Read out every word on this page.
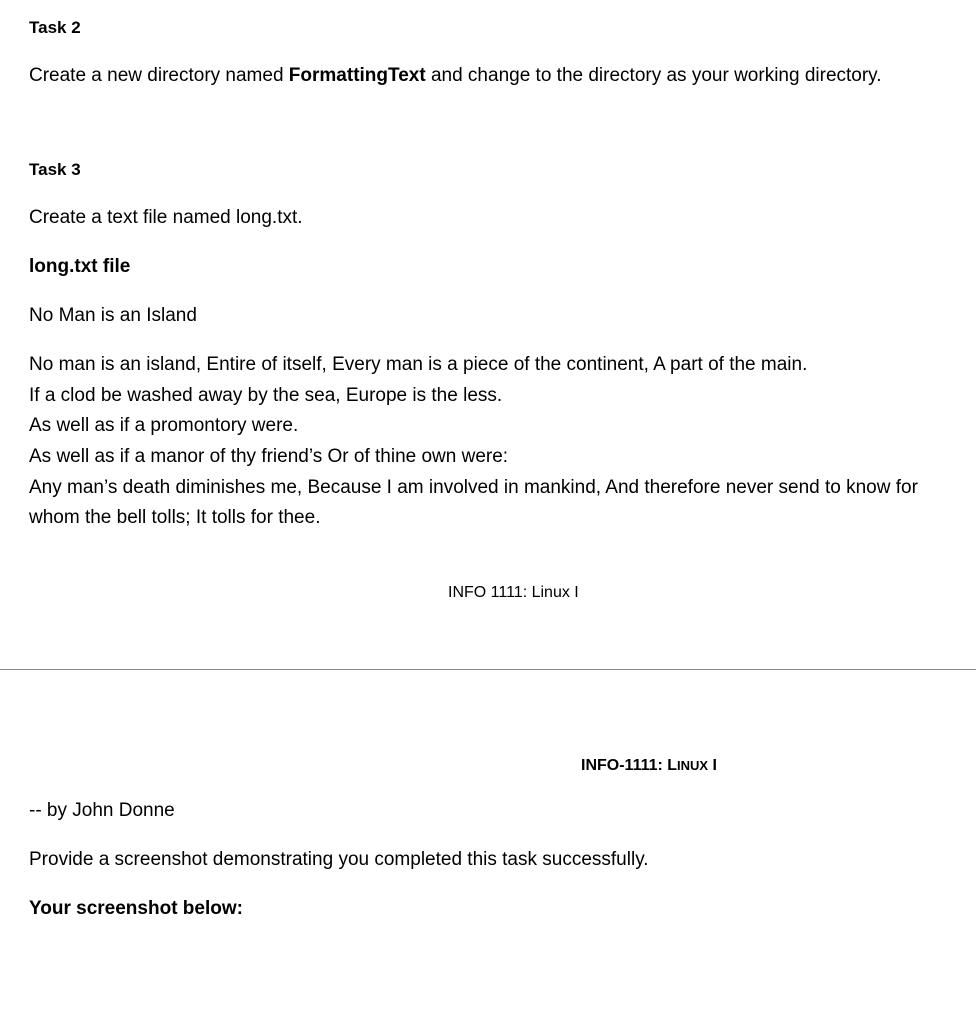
Task 2
Create a new directory named FormattingText and change to the directory as your working directory.
Task 3
Create a text file named long.txt.
long.txt file
No Man is an Island
No man is an island, Entire of itself, Every man is a piece of the continent, A part of the main.
If a clod be washed away by the sea, Europe is the less.
As well as if a promontory were.
As well as if a manor of thy friend’s Or of thine own were:
Any man’s death diminishes me, Because I am involved in mankind, And therefore never send to know for
whom the bell tolls; It tolls for thee.
INFO 1111: Linux I
INFO-1111: LINUX I
-- by John Donne
Provide a screenshot demonstrating you completed this task successfully.
Your screenshot below:
